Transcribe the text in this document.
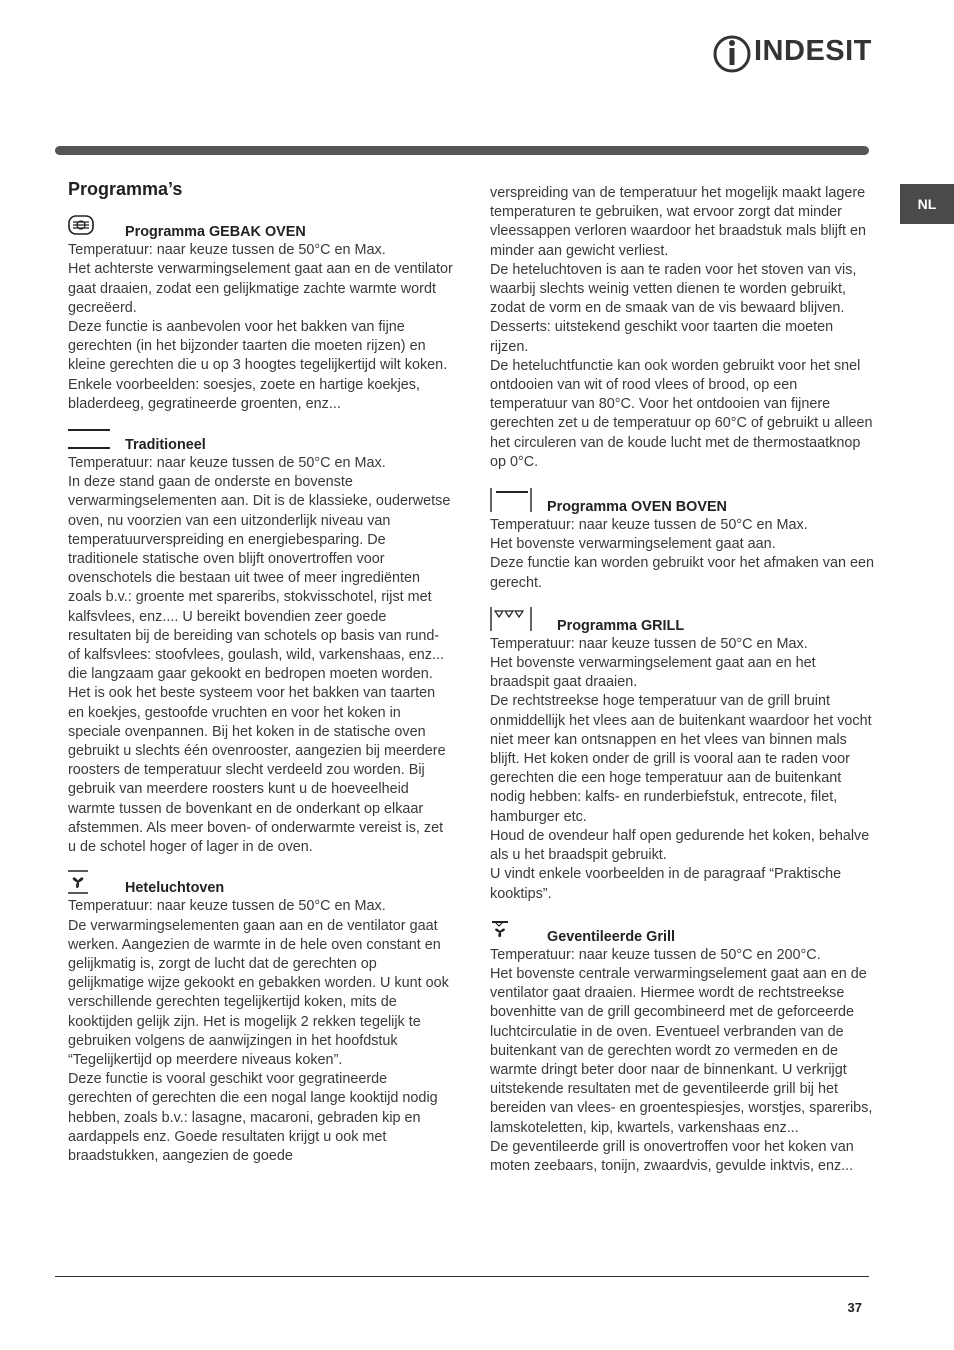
INDESIT
NL
Programma’s
Programma GEBAK OVEN

Temperatuur: naar keuze tussen de 50°C en Max.

Het achterste verwarmingselement gaat aan en de ventilator gaat draaien, zodat een gelijkmatige zachte warmte wordt gecreëerd.

Deze functie is aanbevolen voor het bakken van fijne gerechten (in het bijzonder taarten die moeten rijzen) en kleine gerechten die u op 3 hoogtes tegelijkertijd wilt koken. Enkele voorbeelden: soesjes, zoete en hartige koekjes, bladerdeeg, gegratineerde groenten, enz...

Traditioneel

Temperatuur: naar keuze tussen de 50°C en Max.

In deze stand gaan de onderste en bovenste verwarmingselementen aan. Dit is de klassieke, ouderwetse oven, nu voorzien van een uitzonderlijk niveau van temperatuurverspreiding en energiebesparing. De traditionele statische oven blijft onovertroffen voor ovenschotels die bestaan uit twee of meer ingrediënten zoals b.v.: groente met spareribs, stokvisschotel, rijst met kalfsvlees, enz.... U bereikt bovendien zeer goede resultaten bij de bereiding van schotels op basis van rund- of kalfsvlees: stoofvlees, goulash, wild, varkenshaas, enz... die langzaam gaar gekookt en bedropen moeten worden. Het is ook het beste systeem voor het bakken van taarten en koekjes, gestoofde vruchten en voor het koken in speciale ovenpannen. Bij het koken in de statische oven gebruikt u slechts één ovenrooster, aangezien bij meerdere roosters de temperatuur slecht verdeeld zou worden. Bij gebruik van meerdere roosters kunt u de hoeveelheid warmte tussen de bovenkant en de onderkant op elkaar afstemmen. Als meer boven- of onderwarmte vereist is, zet u de schotel hoger of lager in de oven.

Heteluchtoven

Temperatuur: naar keuze tussen de 50°C en Max.

De verwarmingselementen gaan aan en de ventilator gaat werken. Aangezien de warmte in de hele oven constant en gelijkmatig is, zorgt de lucht dat de gerechten op gelijkmatige wijze gekookt en gebakken worden. U kunt ook verschillende gerechten tegelijkertijd koken, mits de kooktijden gelijk zijn. Het is mogelijk 2 rekken tegelijk te gebruiken volgens de aanwijzingen in het hoofdstuk “Tegelijkertijd op meerdere niveaus koken”.

Deze functie is vooral geschikt voor gegratineerde gerechten of gerechten die een nogal lange kooktijd nodig hebben, zoals b.v.: lasagne, macaroni, gebraden kip en aardappels enz. Goede resultaten krijgt u ook met braadstukken, aangezien de goede

verspreiding van de temperatuur het mogelijk maakt lagere temperaturen te gebruiken, wat ervoor zorgt dat minder vleessappen verloren waardoor het braadstuk mals blijft en minder aan gewicht verliest.

De heteluchtoven is aan te raden voor het stoven van vis, waarbij slechts weinig vetten dienen te worden gebruikt, zodat de vorm en de smaak van de vis bewaard blijven.

Desserts: uitstekend geschikt voor taarten die moeten rijzen.

De heteluchtfunctie kan ook worden gebruikt voor het snel ontdooien van wit of rood vlees of brood, op een temperatuur van 80°C. Voor het ontdooien van fijnere gerechten zet u de temperatuur op 60°C of gebruikt u alleen het circuleren van de koude lucht met de thermostaatknop op 0°C.

Programma OVEN BOVEN

Temperatuur: naar keuze tussen de 50°C en Max.

Het bovenste verwarmingselement gaat aan.

Deze functie kan worden gebruikt voor het afmaken van een gerecht.

Programma GRILL

Temperatuur: naar keuze tussen de 50°C en Max.

Het bovenste verwarmingselement gaat aan en het braadspit gaat draaien.

De rechtstreekse hoge temperatuur van de grill bruint onmiddellijk het vlees aan de buitenkant waardoor het vocht niet meer kan ontsnappen en het vlees van binnen mals blijft. Het koken onder de grill is vooral aan te raden voor gerechten die een hoge temperatuur aan de buitenkant nodig hebben: kalfs- en runderbiefstuk, entrecote, filet, hamburger etc.

Houd de ovendeur half open gedurende het koken, behalve als u het braadspit gebruikt.

U vindt enkele voorbeelden in de paragraaf “Praktische kooktips”.

Geventileerde Grill

Temperatuur: naar keuze tussen de 50°C en 200°C.

Het bovenste centrale verwarmingselement gaat aan en de ventilator gaat draaien. Hiermee wordt de rechtstreekse bovenhitte van de grill gecombineerd met de geforceerde luchtcirculatie in de oven. Eventueel verbranden van de buitenkant van de gerechten wordt zo vermeden en de warmte dringt beter door naar de binnenkant. U verkrijgt uitstekende resultaten met de geventileerde grill bij het bereiden van vlees- en groentespiesjes, worstjes, spareribs, lamskoteletten, kip, kwartels, varkenshaas enz...

De geventileerde grill is onovertroffen voor het koken van moten zeebaars, tonijn, zwaardvis, gevulde inktvis, enz...

37
